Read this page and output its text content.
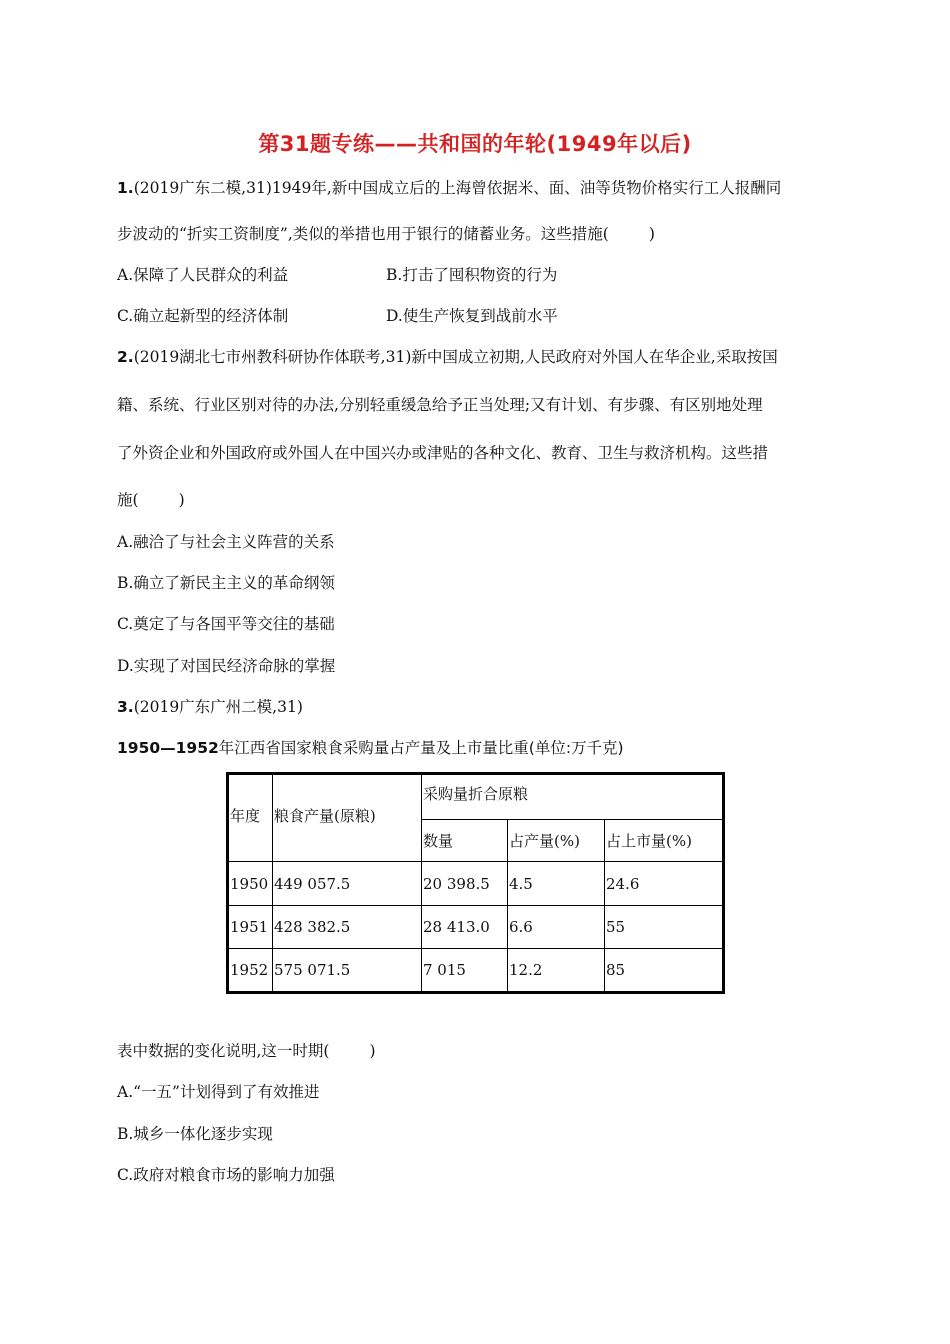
第31题专练——共和国的年轮(1949年以后)
1.(2019广东二模,31)1949年,新中国成立后的上海曾依据米、面、油等货物价格实行工人报酬同
步波动的“折实工资制度”,类似的举措也用于银行的储蓄业务。这些措施(	)
A.保障了人民群众的利益	B.打击了囤积物资的行为
C.确立起新型的经济体制	D.使生产恢复到战前水平
2.(2019湖北七市州教科研协作体联考,31)新中国成立初期,人民政府对外国人在华企业,采取按国
籍、系统、行业区别对待的办法,分别轻重缓急给予正当处理;又有计划、有步骤、有区别地处理
了外资企业和外国政府或外国人在中国兴办或津贴的各种文化、教育、卫生与救济机构。这些措
施(	)
A.融洽了与社会主义阵营的关系
B.确立了新民主主义的革命纲领
C.奠定了与各国平等交往的基础
D.实现了对国民经济命脉的掌握
3.(2019广东广州二模,31)
1950—1952年江西省国家粮食采购量占产量及上市量比重(单位:万千克)
年度	粮食产量(原粮)	采购量折合原粮		
		数量	占产量(%)	占上市量(%)
1950	449 057.5	20 398.5	4.5	24.6
1951	428 382.5	28 413.0	6.6	55
1952	575 071.5	7 015	12.2	85
表中数据的变化说明,这一时期(	)
A.“一五”计划得到了有效推进
B.城乡一体化逐步实现
C.政府对粮食市场的影响力加强
